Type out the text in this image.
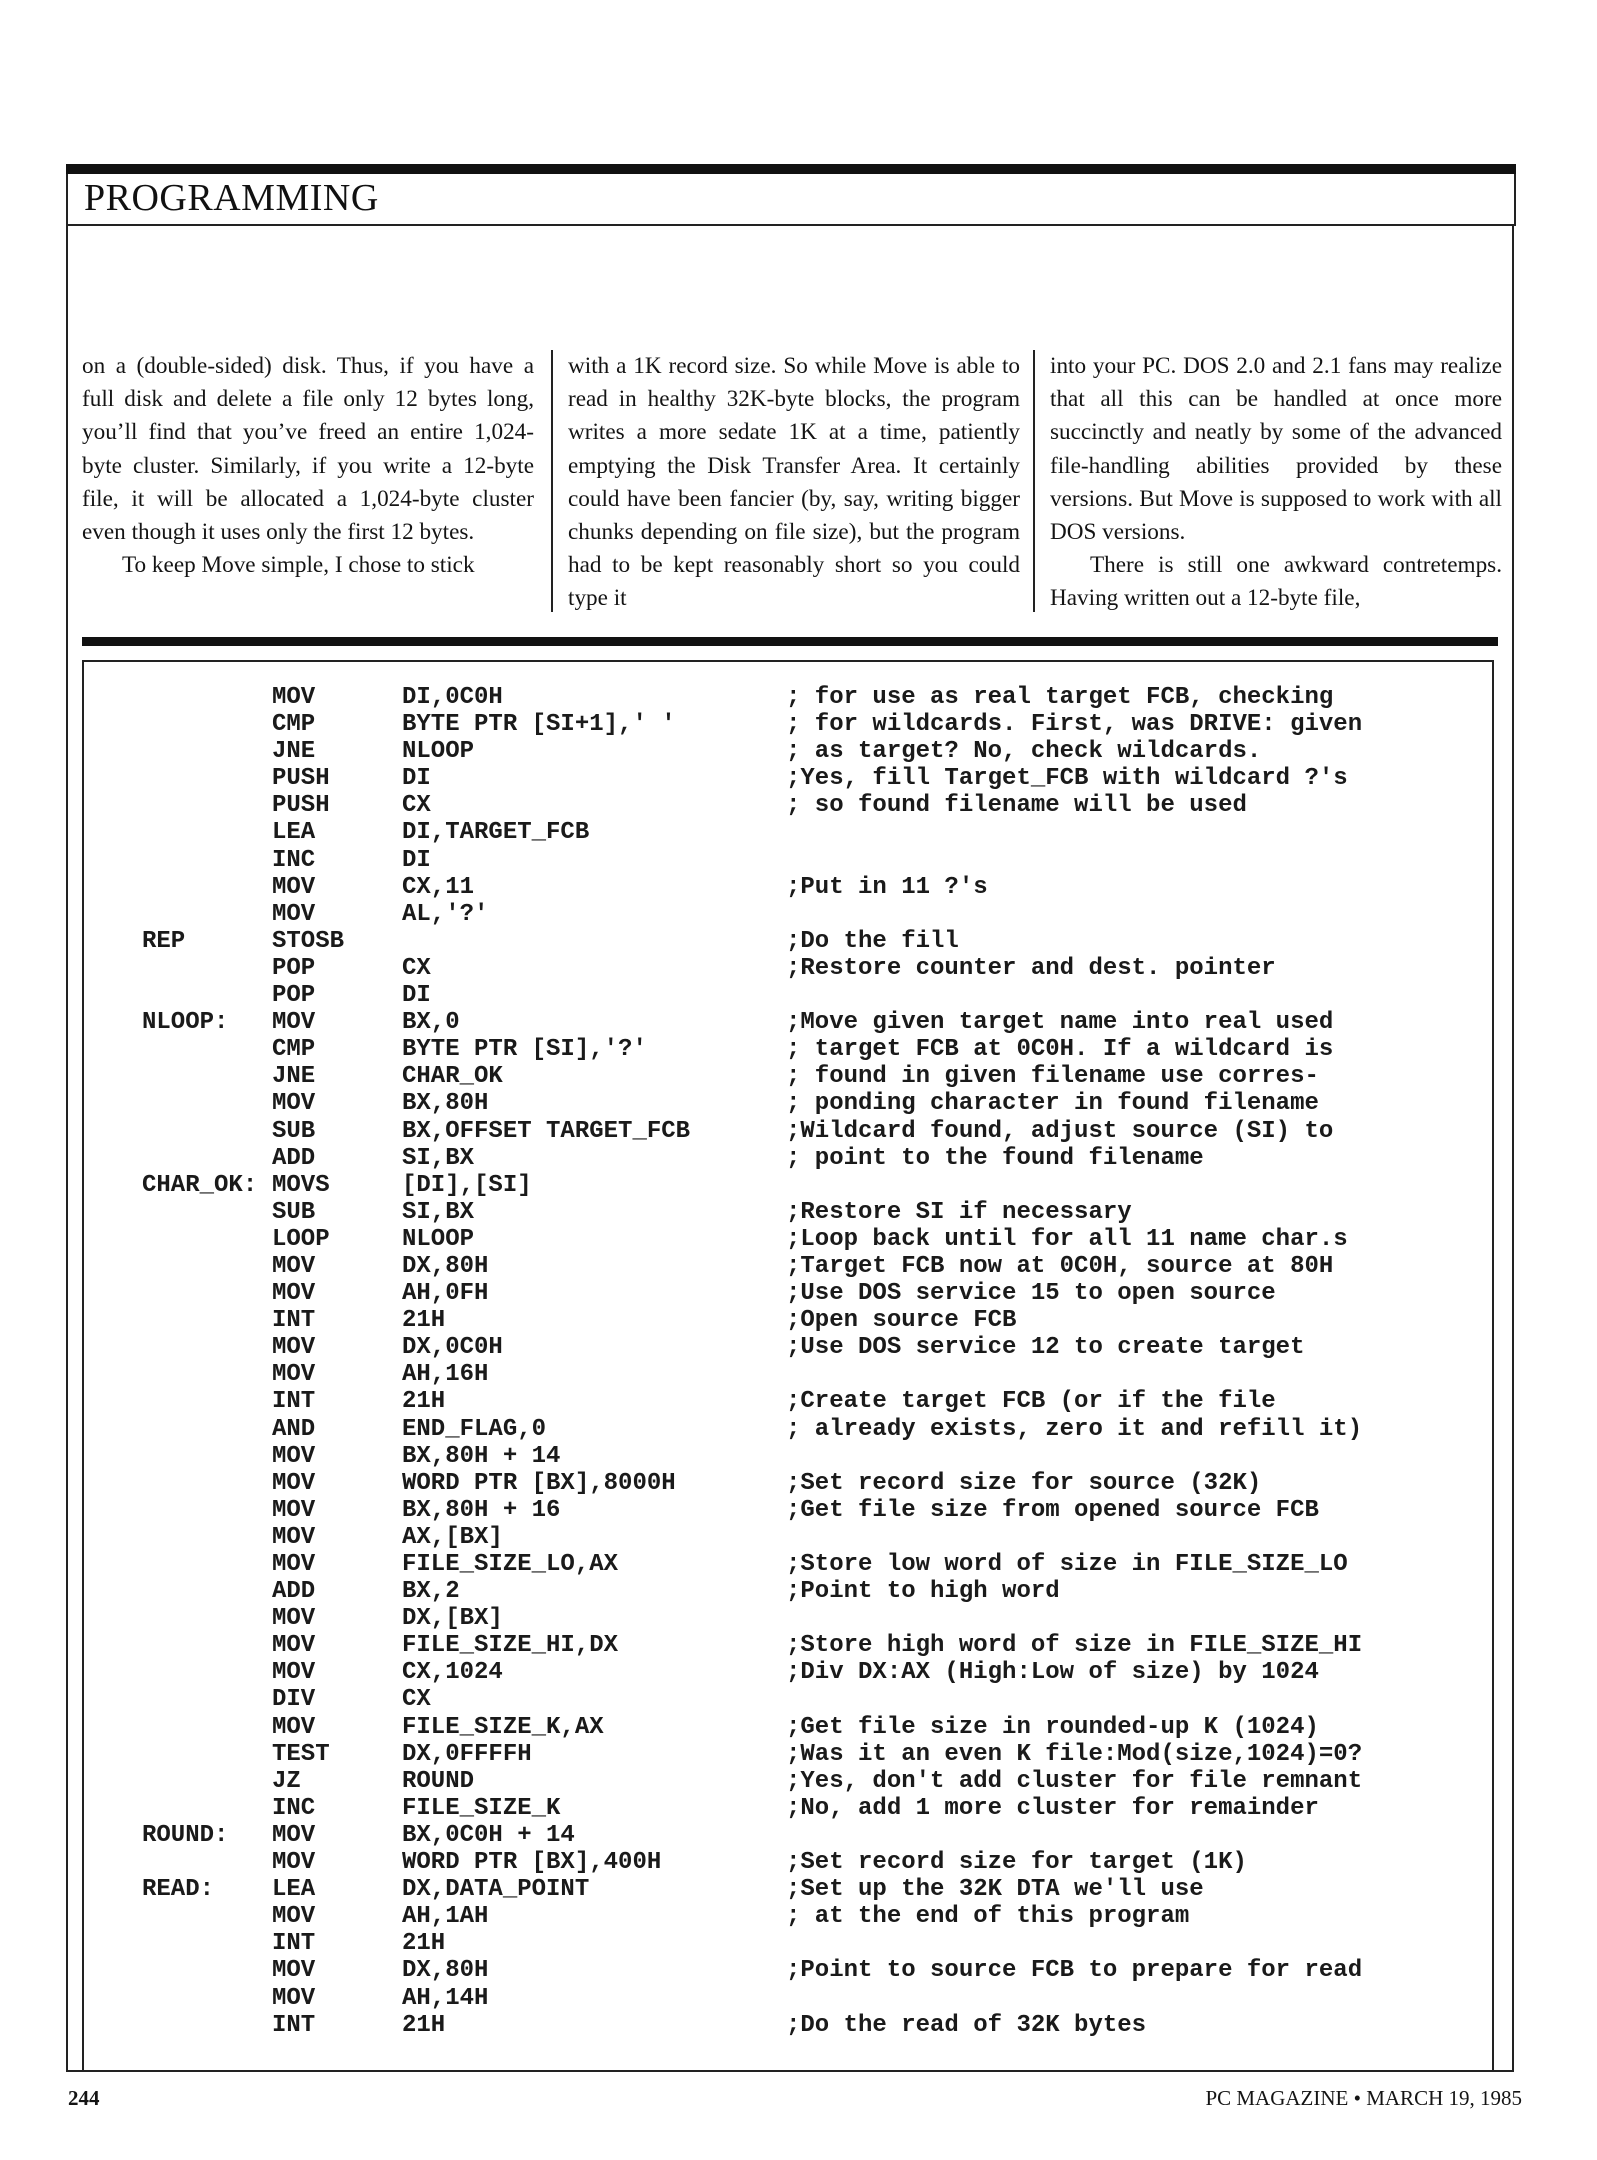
PROGRAMMING

on a (double-sided) disk. Thus, if you have a full disk and delete a file only 12 bytes long, you’ll find that you’ve freed an entire 1,024-byte cluster. Similarly, if you write a 12-byte file, it will be allocated a 1,024-byte cluster even though it uses only the first 12 bytes.

To keep Move simple, I chose to stick

with a 1K record size. So while Move is able to read in healthy 32K-byte blocks, the program writes a more sedate 1K at a time, patiently emptying the Disk Transfer Area. It certainly could have been fancier (by, say, writing bigger chunks depending on file size), but the program had to be kept reasonably short so you could type it

into your PC. DOS 2.0 and 2.1 fans may realize that all this can be handled at once more succinctly and neatly by some of the advanced file-handling abilities provided by these versions. But Move is supposed to work with all DOS versions.

There is still one awkward contretemps. Having written out a 12-byte file,

MOV	DI,0C0H	; for use as real target FCB, checking
CMP	BYTE PTR [SI+1],' '	; for wildcards. First, was DRIVE: given
JNE	NLOOP	; as target? No, check wildcards.
PUSH	DI	;Yes, fill Target_FCB with wildcard ?'s
PUSH	CX	; so found filename will be used
LEA	DI,TARGET_FCB
INC	DI
MOV	CX,11	;Put in 11 ?'s
MOV	AL,'?'
REP	STOSB	;Do the fill
POP	CX	;Restore counter and dest. pointer
POP	DI
NLOOP:	MOV	BX,0	;Move given target name into real used
CMP	BYTE PTR [SI],'?'	; target FCB at 0C0H. If a wildcard is
JNE	CHAR_OK	; found in given filename use corres-
MOV	BX,80H	; ponding character in found filename
SUB	BX,OFFSET TARGET_FCB	;Wildcard found, adjust source (SI) to
ADD	SI,BX	; point to the found filename
CHAR_OK: MOVS	[DI],[SI]
SUB	SI,BX	;Restore SI if necessary
LOOP	NLOOP	;Loop back until for all 11 name char.s
MOV	DX,80H	;Target FCB now at 0C0H, source at 80H
MOV	AH,0FH	;Use DOS service 15 to open source
INT	21H	;Open source FCB
MOV	DX,0C0H	;Use DOS service 12 to create target
MOV	AH,16H
INT	21H	;Create target FCB (or if the file
AND	END_FLAG,0	; already exists, zero it and refill it)
MOV	BX,80H + 14
MOV	WORD PTR [BX],8000H	;Set record size for source (32K)
MOV	BX,80H + 16	;Get file size from opened source FCB
MOV	AX,[BX]
MOV	FILE_SIZE_LO,AX	;Store low word of size in FILE_SIZE_LO
ADD	BX,2	;Point to high word
MOV	DX,[BX]
MOV	FILE_SIZE_HI,DX	;Store high word of size in FILE_SIZE_HI
MOV	CX,1024	;Div DX:AX (High:Low of size) by 1024
DIV	CX
MOV	FILE_SIZE_K,AX	;Get file size in rounded-up K (1024)
TEST	DX,0FFFFH	;Was it an even K file:Mod(size,1024)=0?
JZ	ROUND	;Yes, don't add cluster for file remnant
INC	FILE_SIZE_K	;No, add 1 more cluster for remainder
ROUND:	MOV	BX,0C0H + 14
MOV	WORD PTR [BX],400H	;Set record size for target (1K)
READ:	LEA	DX,DATA_POINT	;Set up the 32K DTA we'll use
MOV	AH,1AH	; at the end of this program
INT	21H
MOV	DX,80H	;Point to source FCB to prepare for read
MOV	AH,14H
INT	21H	;Do the read of 32K bytes
244	PC MAGAZINE • MARCH 19, 1985
